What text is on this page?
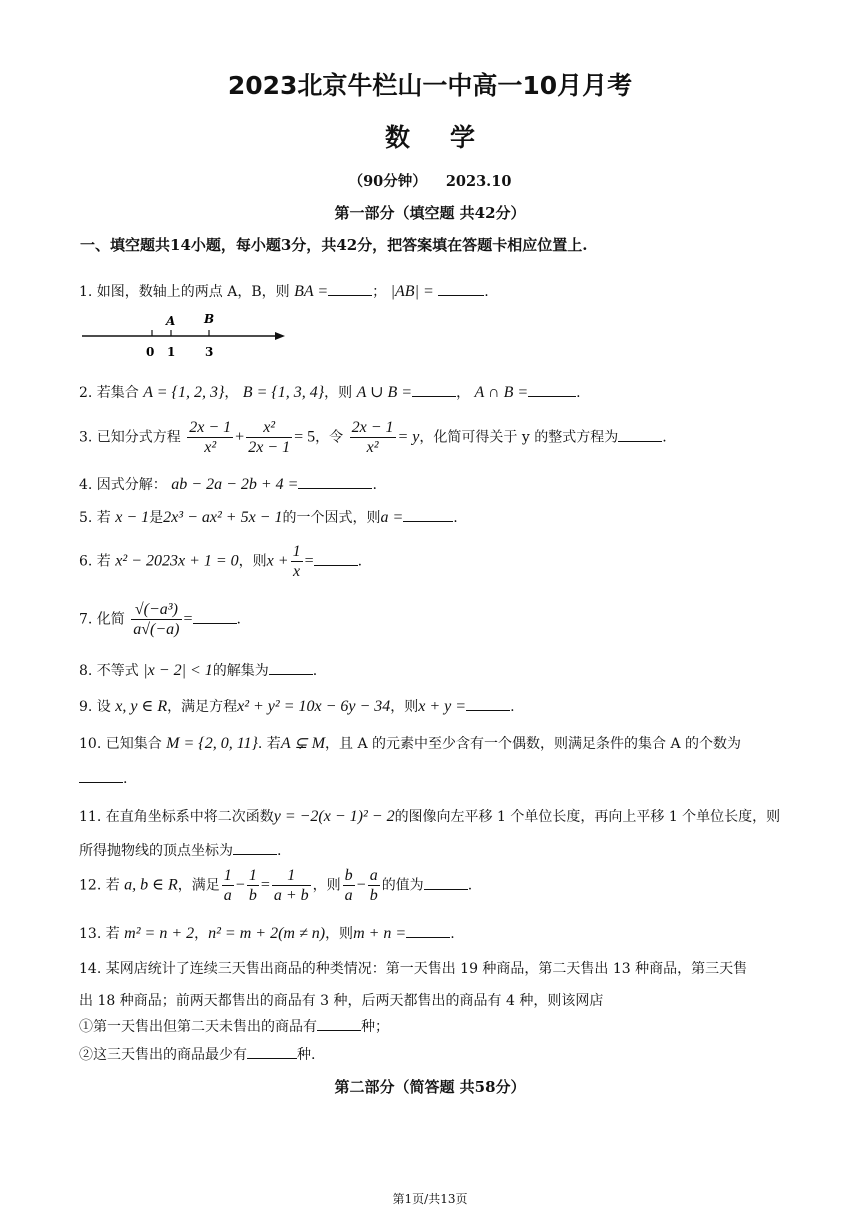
2023北京牛栏山一中高一10月月考
数学
（90分钟） 2023.10
第一部分（填空题 共42分）
一、填空题共14小题，每小题3分，共42分，把答案填在答题卡相应位置上.
1. 如图，数轴上的两点 A，B，则 BA =	； |AB| =	.
A B
0 1 3
2. 若集合 A = {1, 2, 3}， B = {1, 3, 4}，则 A ∪ B =	， A ∩ B =	.
3. 已知分式方程 $\frac{2x - 1}{\text{x²}} + \frac{\text{x²}}{2x - 1} = 5$，令 $\frac{2x - 1}{\text{x²}} = y$，化简可得关于 y 的整式方程为	.
4. 因式分解： ab − 2a − 2b + 4 =	.
5. 若 x − 1是2x³ − ax² + 5x − 1的一个因式，则a =	.
6. 若 x² − 2023x + 1 = 0，则$x + \frac{1}{x}$ =	.
7. 化简 $\frac{\text{√(−a³)}}{a√(-a)}$ =	.
8. 不等式 |x − 2| < 1的解集为	.
9. 设 x, y ∈ R，满足方程x² + y² = 10x − 6y − 34，则x + y =	.
10. 已知集合 M = {2, 0, 11}. 若A ⊊ M，且 A 的元素中至少含有一个偶数，则满足条件的集合 A 的个数为
.
11. 在直角坐标系中将二次函数y = −2(x − 1)² − 2的图像向左平移 1 个单位长度，再向上平移 1 个单位长度，则所得抛物线的顶点坐标为	.
12. 若 a, b ∈ R，满足 $\frac{1}{a} - \frac{1}{b} = \frac{1}{a + b}$ ，则 $\frac{b}{a} - \frac{a}{b}$ 的值为	.
13. 若 m² = n + 2，n² = m + 2(m ≠ n)，则m + n =	.
14. 某网店统计了连续三天售出商品的种类情况：第一天售出 19 种商品，第二天售出 13 种商品，第三天售
出 18 种商品；前两天都售出的商品有 3 种，后两天都售出的商品有 4 种，则该网店
①第一天售出但第二天未售出的商品有	种；
②这三天售出的商品最少有	种.
第二部分（简答题 共58分）
第1页/共13页
